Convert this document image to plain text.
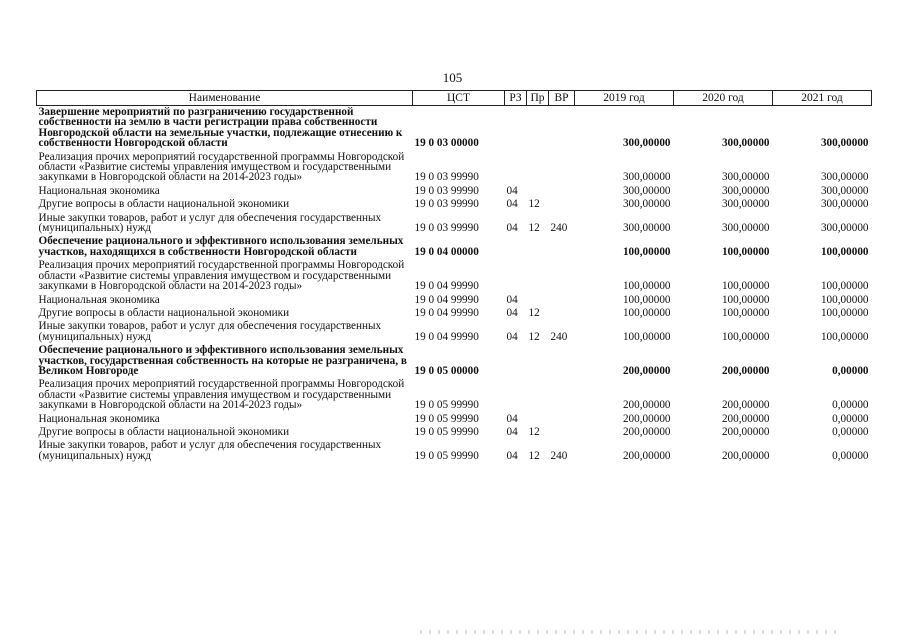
105
Наименование	ЦСТ	РЗ	Пр	ВР	2019 год	2020 год	2021 год
Завершение мероприятий по разграничению государственной собственности на землю в части регистрации права собственности Новгородской области на земельные участки, подлежащие отнесению к собственности Новгородской области	19 0 03 00000				300,00000	300,00000	300,00000
Реализация прочих мероприятий государственной программы Новгородской области «Развитие системы управления имуществом и государственными закупками в Новгородской области на 2014-2023 годы»	19 0 03 99990				300,00000	300,00000	300,00000
Национальная экономика	19 0 03 99990	04			300,00000	300,00000	300,00000
Другие вопросы в области национальной экономики	19 0 03 99990	04	12		300,00000	300,00000	300,00000
Иные закупки товаров, работ и услуг для обеспечения государственных (муниципальных) нужд	19 0 03 99990	04	12	240	300,00000	300,00000	300,00000
Обеспечение рационального и эффективного использования земельных участков, находящихся в собственности Новгородской области	19 0 04 00000				100,00000	100,00000	100,00000
Реализация прочих мероприятий государственной программы Новгородской области «Развитие системы управления имуществом и государственными закупками в Новгородской области на 2014-2023 годы»	19 0 04 99990				100,00000	100,00000	100,00000
Национальная экономика	19 0 04 99990	04			100,00000	100,00000	100,00000
Другие вопросы в области национальной экономики	19 0 04 99990	04	12		100,00000	100,00000	100,00000
Иные закупки товаров, работ и услуг для обеспечения государственных (муниципальных) нужд	19 0 04 99990	04	12	240	100,00000	100,00000	100,00000
Обеспечение рационального и эффективного использования земельных участков, государственная собственность на которые не разграничена, в Великом Новгороде	19 0 05 00000				200,00000	200,00000	0,00000
Реализация прочих мероприятий государственной программы Новгородской области «Развитие системы управления имуществом и государственными закупками в Новгородской области на 2014-2023 годы»	19 0 05 99990				200,00000	200,00000	0,00000
Национальная экономика	19 0 05 99990	04			200,00000	200,00000	0,00000
Другие вопросы в области национальной экономики	19 0 05 99990	04	12		200,00000	200,00000	0,00000
Иные закупки товаров, работ и услуг для обеспечения государственных (муниципальных) нужд	19 0 05 99990	04	12	240	200,00000	200,00000	0,00000
